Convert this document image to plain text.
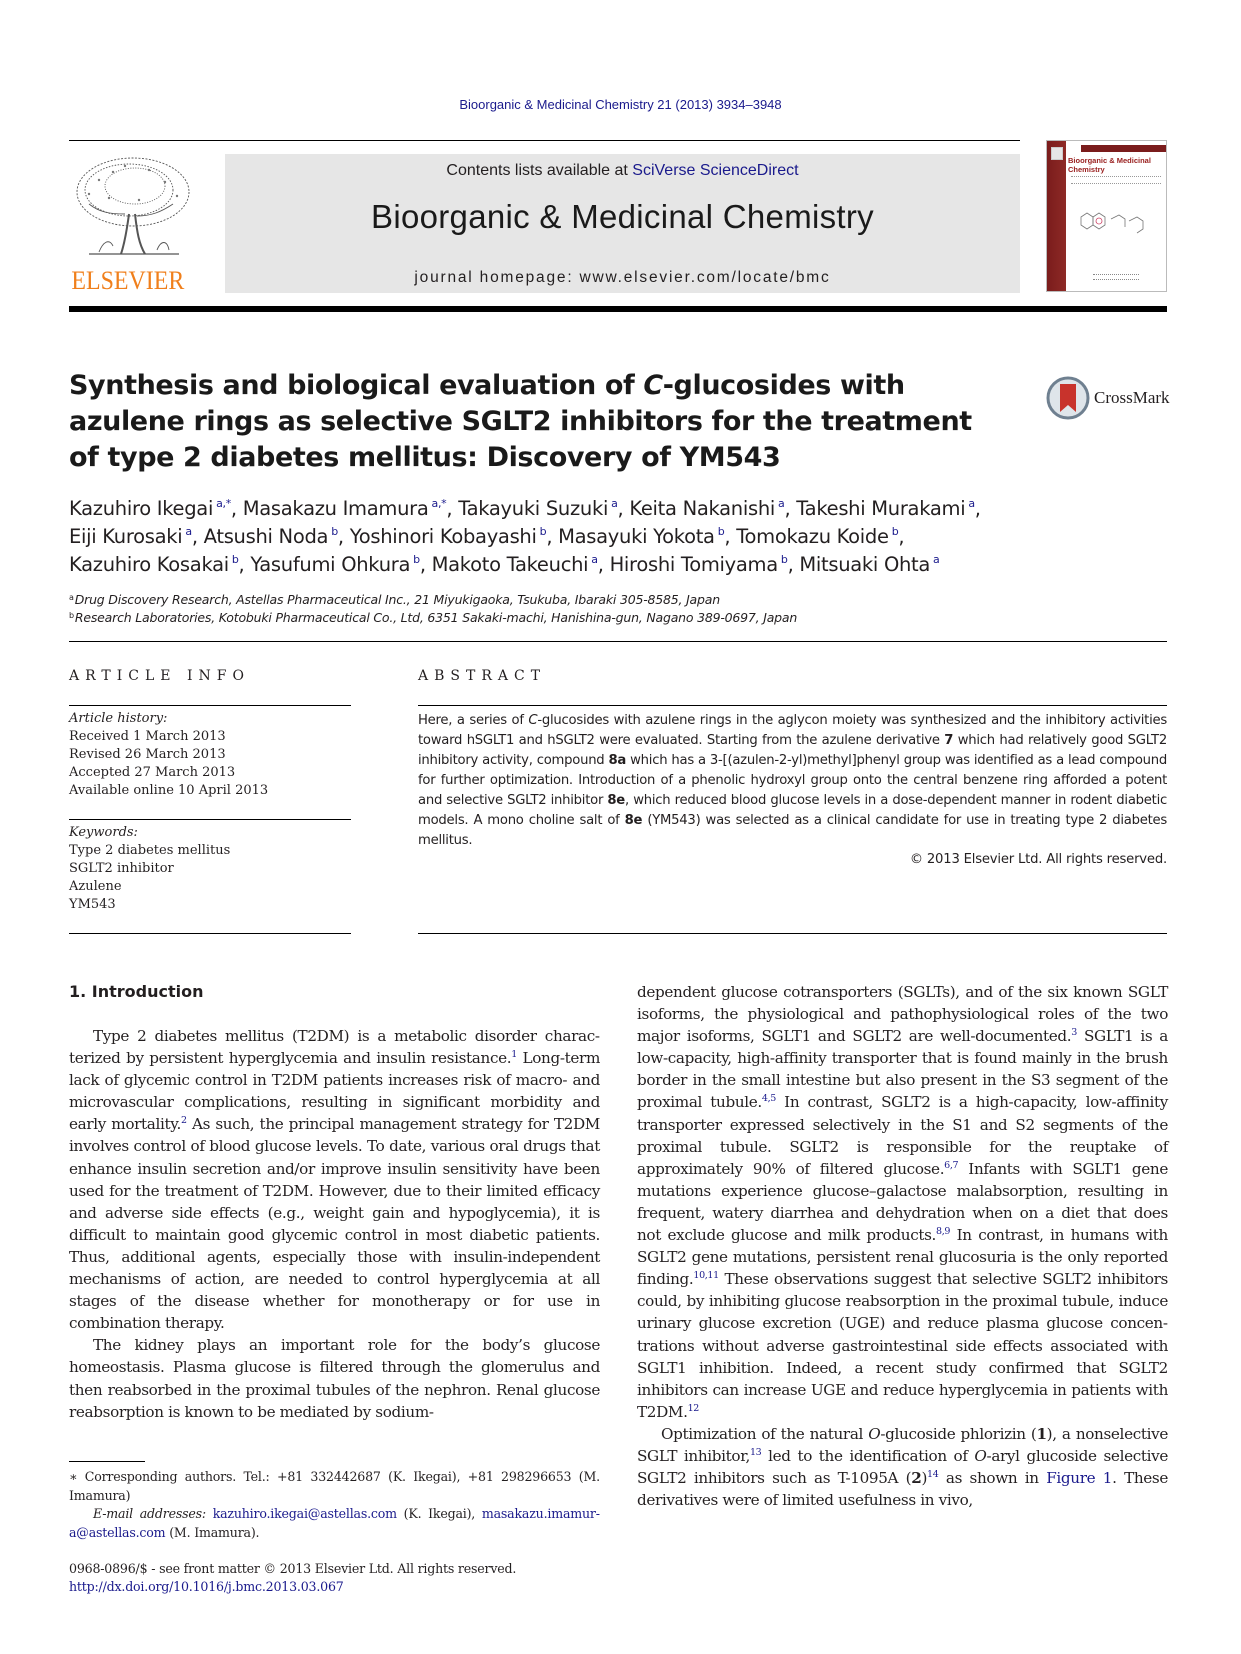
Bioorganic & Medicinal Chemistry 21 (2013) 3934–3948
ELSEVIER
Contents lists available at SciVerse ScienceDirect
Bioorganic & Medicinal Chemistry
journal homepage: www.elsevier.com/locate/bmc
Bioorganic & Medicinal Chemistry
Synthesis and biological evaluation of C-glucosides with azulene rings as selective SGLT2 inhibitors for the treatment of type 2 diabetes mellitus: Discovery of YM543
CrossMark
Kazuhiro Ikegai $^{a,*}$, Masakazu Imamura $^{a,*}$, Takayuki Suzuki $^a$, Keita Nakanishi $^a$, Takeshi Murakami $^a$,
Eiji Kurosaki $^a$, Atsushi Noda $^b$, Yoshinori Kobayashi $^b$, Masayuki Yokota $^b$, Tomokazu Koide $^b$,
Kazuhiro Kosakai $^b$, Yasufumi Ohkura $^b$, Makoto Takeuchi $^a$, Hiroshi Tomiyama $^b$, Mitsuaki Ohta $^a$
$^a$Drug Discovery Research, Astellas Pharmaceutical Inc., 21 Miyukigaoka, Tsukuba, Ibaraki 305-8585, Japan
$^b$Research Laboratories, Kotobuki Pharmaceutical Co., Ltd, 6351 Sakaki-machi, Hanishina-gun, Nagano 389-0697, Japan
ARTICLE INFO
Article history:
Received 1 March 2013
Revised 26 March 2013
Accepted 27 March 2013
Available online 10 April 2013
Keywords:
Type 2 diabetes mellitus
SGLT2 inhibitor
Azulene
YM543
ABSTRACT
Here, a series of C-glucosides with azulene rings in the aglycon moiety was synthesized and the inhibitory activities toward hSGLT1 and hSGLT2 were evaluated. Starting from the azulene derivative 7 which had relatively good SGLT2 inhibitory activity, compound 8a which has a 3-[(azulen-2-yl)methyl]phenyl group was identified as a lead compound for further optimization. Introduction of a phenolic hydroxyl group onto the central benzene ring afforded a potent and selective SGLT2 inhibitor 8e, which reduced blood glucose levels in a dose-dependent manner in rodent diabetic models. A mono choline salt of 8e (YM543) was selected as a clinical candidate for use in treating type 2 diabetes mellitus.
© 2013 Elsevier Ltd. All rights reserved.
1. Introduction

Type 2 diabetes mellitus (T2DM) is a metabolic disorder characterized by persistent hyperglycemia and insulin resistance.$^1$ Long-term lack of glycemic control in T2DM patients increases risk of macro- and microvascular complications, resulting in significant morbidity and early mortality.$^2$ As such, the principal management strategy for T2DM involves control of blood glucose levels. To date, various oral drugs that enhance insulin secretion and/or improve insulin sensitivity have been used for the treatment of T2DM. However, due to their limited efficacy and adverse side effects (e.g., weight gain and hypoglycemia), it is difficult to maintain good glycemic control in most diabetic patients. Thus, additional agents, especially those with insulin-independent mechanisms of action, are needed to control hyperglycemia at all stages of the disease whether for monotherapy or for use in combination therapy.

The kidney plays an important role for the body’s glucose homeostasis. Plasma glucose is filtered through the glomerulus and then reabsorbed in the proximal tubules of the nephron. Renal glucose reabsorption is known to be mediated by sodium-

dependent glucose cotransporters (SGLTs), and of the six known SGLT isoforms, the physiological and pathophysiological roles of the two major isoforms, SGLT1 and SGLT2 are well-documented.$^3$ SGLT1 is a low-capacity, high-affinity transporter that is found mainly in the brush border in the small intestine but also present in the S3 segment of the proximal tubule.$^{4,5}$ In contrast, SGLT2 is a high-capacity, low-affinity transporter expressed selectively in the S1 and S2 segments of the proximal tubule. SGLT2 is responsible for the reuptake of approximately 90% of filtered glucose.$^{6,7}$ Infants with SGLT1 gene mutations experience glucose–galactose malabsorption, resulting in frequent, watery diarrhea and dehydration when on a diet that does not exclude glucose and milk products.$^{8,9}$ In contrast, in humans with SGLT2 gene mutations, persistent renal glucosuria is the only reported finding.$^{10,11}$ These observations suggest that selective SGLT2 inhibitors could, by inhibiting glucose reabsorption in the proximal tubule, induce urinary glucose excretion (UGE) and reduce plasma glucose concentrations without adverse gastrointestinal side effects associated with SGLT1 inhibition. Indeed, a recent study confirmed that SGLT2 inhibitors can increase UGE and reduce hyperglycemia in patients with T2DM.$^{12}$

Optimization of the natural O-glucoside phlorizin (1), a nonselective SGLT inhibitor,$^{13}$ led to the identification of O-aryl glucoside selective SGLT2 inhibitors such as T-1095A $(2)^{14}$ as shown in Figure 1. These derivatives were of limited usefulness in vivo,

∗ Corresponding authors. Tel.: +81 332442687 (K. Ikegai), +81 298296653 (M. Imamura)
E-mail addresses: kazuhiro.ikegai@astellas.com (K. Ikegai), masakazu.imamura@astellas.com (M. Imamura).
0968-0896/$ - see front matter © 2013 Elsevier Ltd. All rights reserved.
http://dx.doi.org/10.1016/j.bmc.2013.03.067
